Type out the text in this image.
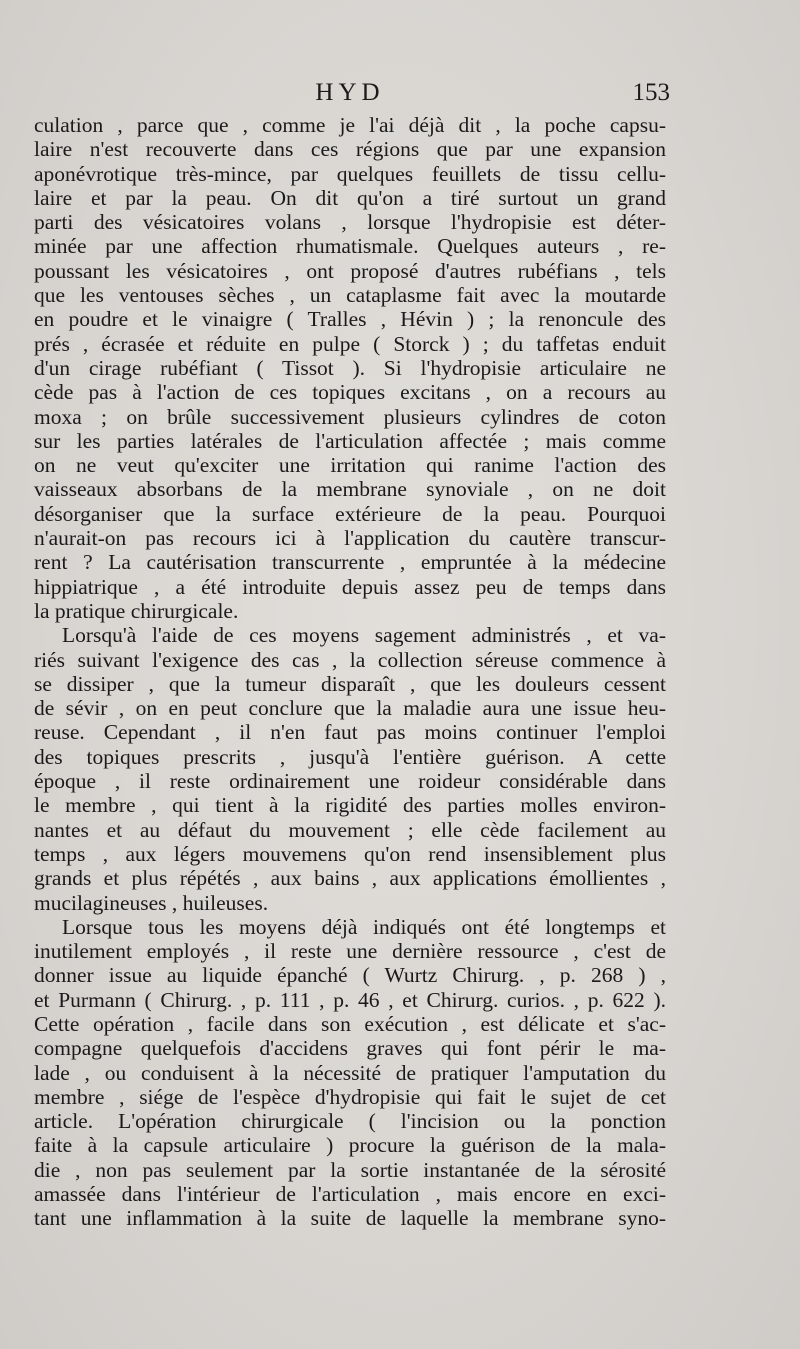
HYD	153
culation , parce que , comme je l'ai déjà dit , la poche capsu-
laire n'est recouverte dans ces régions que par une expansion
aponévrotique très-mince, par quelques feuillets de tissu cellu-
laire et par la peau. On dit qu'on a tiré surtout un grand
parti des vésicatoires volans , lorsque l'hydropisie est déter-
minée par une affection rhumatismale. Quelques auteurs , re-
poussant les vésicatoires , ont proposé d'autres rubéfians , tels
que les ventouses sèches , un cataplasme fait avec la moutarde
en poudre et le vinaigre ( Tralles , Hévin ) ; la renoncule des
prés , écrasée et réduite en pulpe ( Storck ) ; du taffetas enduit
d'un cirage rubéfiant ( Tissot ). Si l'hydropisie articulaire ne
cède pas à l'action de ces topiques excitans , on a recours au
moxa ; on brûle successivement plusieurs cylindres de coton
sur les parties latérales de l'articulation affectée ; mais comme
on ne veut qu'exciter une irritation qui ranime l'action des
vaisseaux absorbans de la membrane synoviale , on ne doit
désorganiser que la surface extérieure de la peau. Pourquoi
n'aurait-on pas recours ici à l'application du cautère transcur-
rent ? La cautérisation transcurrente , empruntée à la médecine
hippiatrique , a été introduite depuis assez peu de temps dans
la pratique chirurgicale.
Lorsqu'à l'aide de ces moyens sagement administrés , et va-
riés suivant l'exigence des cas , la collection séreuse commence à
se dissiper , que la tumeur disparaît , que les douleurs cessent
de sévir , on en peut conclure que la maladie aura une issue heu-
reuse. Cependant , il n'en faut pas moins continuer l'emploi
des topiques prescrits , jusqu'à l'entière guérison. A cette
époque , il reste ordinairement une roideur considérable dans
le membre , qui tient à la rigidité des parties molles environ-
nantes et au défaut du mouvement ; elle cède facilement au
temps , aux légers mouvemens qu'on rend insensiblement plus
grands et plus répétés , aux bains , aux applications émollientes ,
mucilagineuses , huileuses.
Lorsque tous les moyens déjà indiqués ont été longtemps et
inutilement employés , il reste une dernière ressource , c'est de
donner issue au liquide épanché ( Wurtz Chirurg. , p. 268 ) ,
et Purmann ( Chirurg. , p. 111 , p. 46 , et Chirurg. curios. , p. 622 ).
Cette opération , facile dans son exécution , est délicate et s'ac-
compagne quelquefois d'accidens graves qui font périr le ma-
lade , ou conduisent à la nécessité de pratiquer l'amputation du
membre , siége de l'espèce d'hydropisie qui fait le sujet de cet
article. L'opération chirurgicale ( l'incision ou la ponction
faite à la capsule articulaire ) procure la guérison de la mala-
die , non pas seulement par la sortie instantanée de la sérosité
amassée dans l'intérieur de l'articulation , mais encore en exci-
tant une inflammation à la suite de laquelle la membrane syno-
